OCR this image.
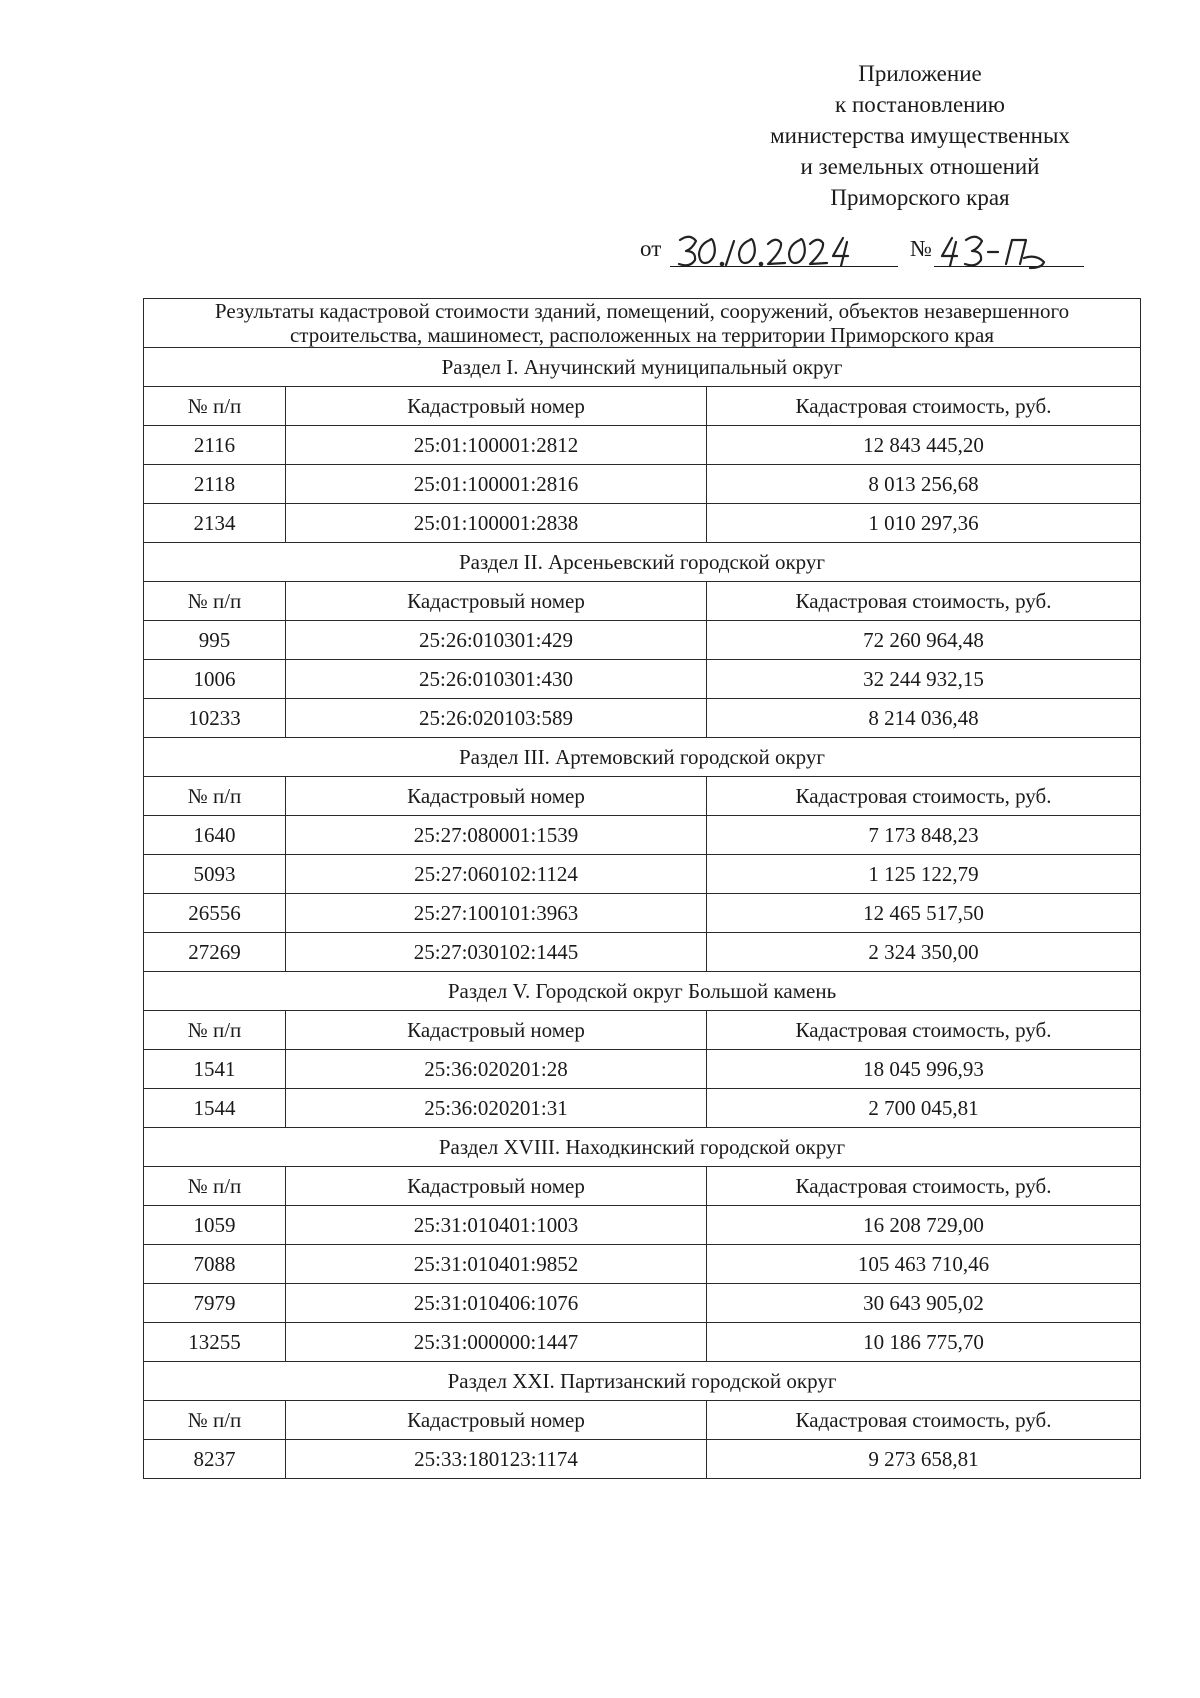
Приложение
к постановлению
министерства имущественных
и земельных отношений
Приморского края
от	№
Результаты кадастровой стоимости зданий, помещений, сооружений, объектов незавершенного строительства, машиномест, расположенных на территории Приморского края		
Раздел I. Анучинский муниципальный округ		
№ п/п	Кадастровый номер	Кадастровая стоимость, руб.
2116	25:01:100001:2812	12 843 445,20
2118	25:01:100001:2816	8 013 256,68
2134	25:01:100001:2838	1 010 297,36
Раздел II. Арсеньевский городской округ		
№ п/п	Кадастровый номер	Кадастровая стоимость, руб.
995	25:26:010301:429	72 260 964,48
1006	25:26:010301:430	32 244 932,15
10233	25:26:020103:589	8 214 036,48
Раздел III. Артемовский городской округ		
№ п/п	Кадастровый номер	Кадастровая стоимость, руб.
1640	25:27:080001:1539	7 173 848,23
5093	25:27:060102:1124	1 125 122,79
26556	25:27:100101:3963	12 465 517,50
27269	25:27:030102:1445	2 324 350,00
Раздел V. Городской округ Большой камень		
№ п/п	Кадастровый номер	Кадастровая стоимость, руб.
1541	25:36:020201:28	18 045 996,93
1544	25:36:020201:31	2 700 045,81
Раздел XVIII. Находкинский городской округ		
№ п/п	Кадастровый номер	Кадастровая стоимость, руб.
1059	25:31:010401:1003	16 208 729,00
7088	25:31:010401:9852	105 463 710,46
7979	25:31:010406:1076	30 643 905,02
13255	25:31:000000:1447	10 186 775,70
Раздел XXI. Партизанский городской округ		
№ п/п	Кадастровый номер	Кадастровая стоимость, руб.
8237	25:33:180123:1174	9 273 658,81
